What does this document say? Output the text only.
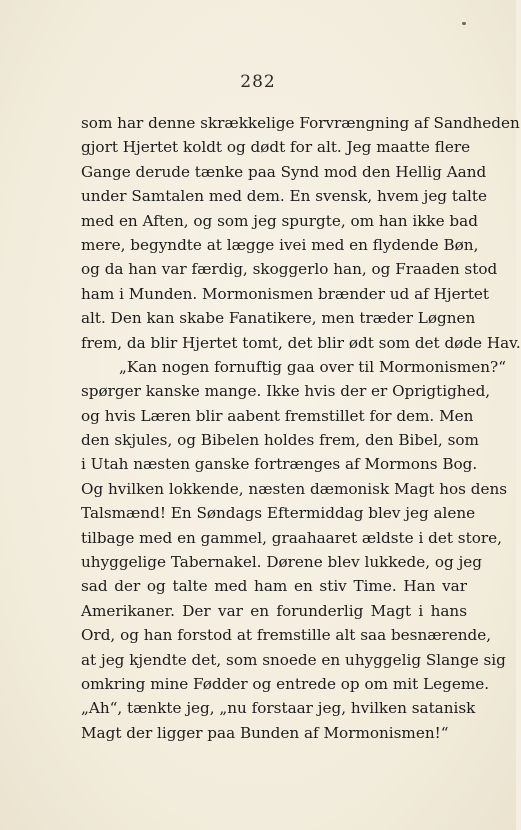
282
som har denne skrækkelige Forvrængning af Sandheden
gjort Hjertet koldt og dødt for alt. Jeg maatte flere
Gange derude tænke paa Synd mod den Hellig Aand
under Samtalen med dem. En svensk, hvem jeg talte
med en Aften, og som jeg spurgte, om han ikke bad
mere, begyndte at lægge ivei med en flydende Bøn,
og da han var færdig, skoggerlo han, og Fraaden stod
ham i Munden. Mormonismen brænder ud af Hjertet
alt. Den kan skabe Fanatikere, men træder Løgnen
frem, da blir Hjertet tomt, det blir ødt som det døde Hav.
„Kan nogen fornuftig gaa over til Mormonismen?“
spørger kanske mange. Ikke hvis der er Oprigtighed,
og hvis Læren blir aabent fremstillet for dem. Men
den skjules, og Bibelen holdes frem, den Bibel, som
i Utah næsten ganske fortrænges af Mormons Bog.
Og hvilken lokkende, næsten dæmonisk Magt hos dens
Talsmænd! En Søndags Eftermiddag blev jeg alene
tilbage med en gammel, graahaaret ældste i det store,
uhyggelige Tabernakel. Dørene blev lukkede, og jeg
sad der og talte med ham en stiv Time. Han var
Amerikaner. Der var en forunderlig Magt i hans
Ord, og han forstod at fremstille alt saa besnærende,
at jeg kjendte det, som snoede en uhyggelig Slange sig
omkring mine Fødder og entrede op om mit Legeme.
„Ah“, tænkte jeg, „nu forstaar jeg, hvilken satanisk
Magt der ligger paa Bunden af Mormonismen!“
